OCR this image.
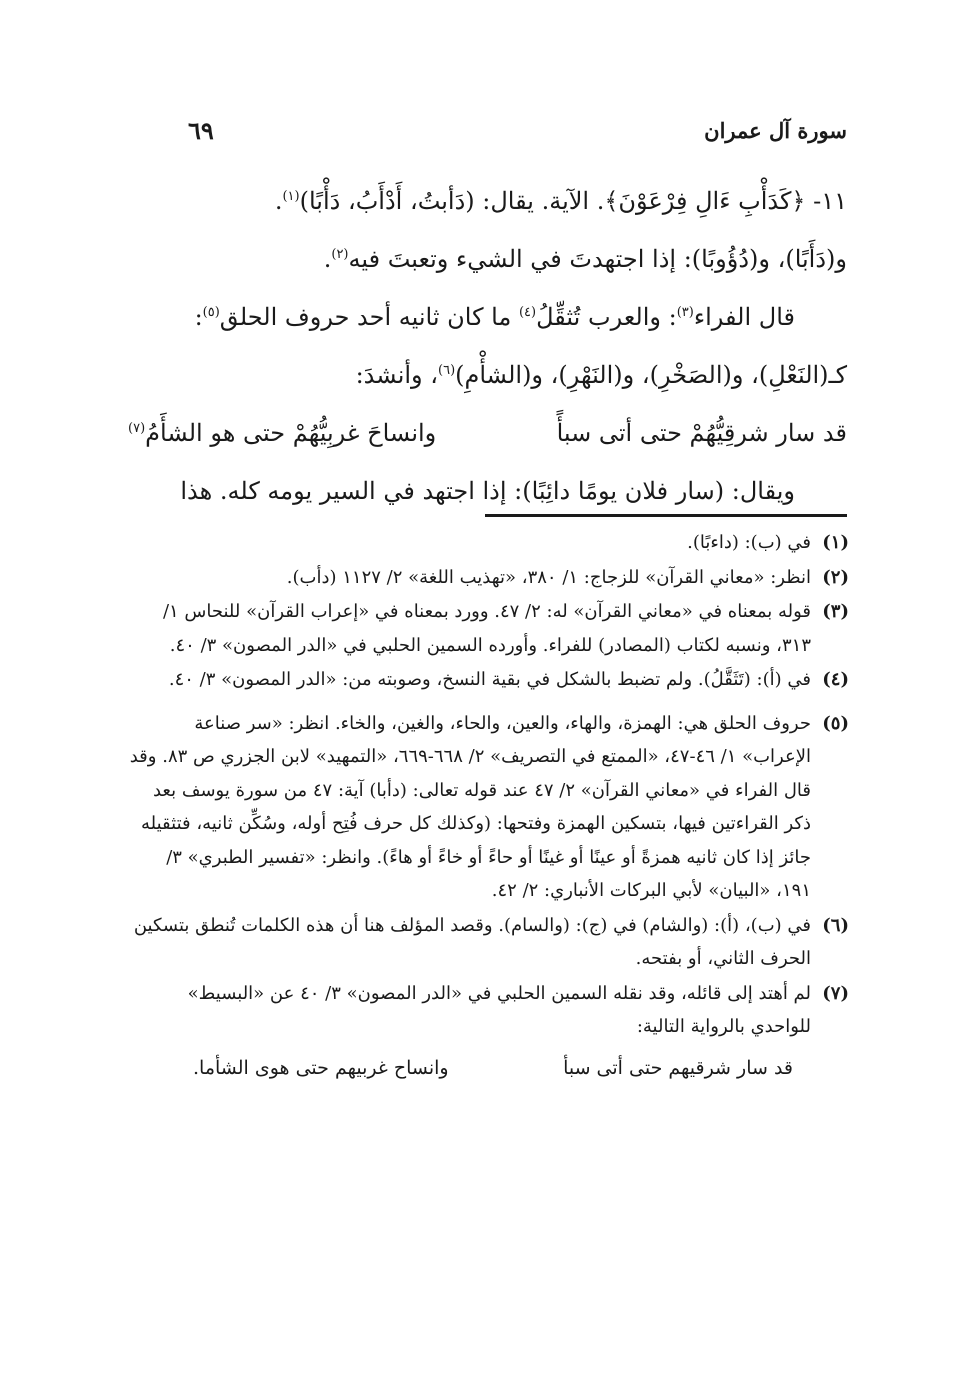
سورة آل عمران
٦٩

١١- ﴿كَدَأْبِ ءَالِ فِرْعَوْنَ﴾. الآية. يقال: (دَأبتُ، أَدْأَبُ، دَأْبًا)$^{(١)}$.

و(دَأَبًا)، و(دُؤُوبًا): إذا اجتهدتَ في الشيء وتعبتَ فيه$^{(٢)}$.

قال الفراء$^{(٣)}$: والعرب تُثقِّلُ$^{(٤)}$ ما كان ثانيه أحد حروف الحلق$^{(٥)}$:

كـ(النَعْلِ)، و(الصَخْرِ)، و(النَهْرِ)، و(الشأْمِ)$^{(٦)}$، وأنشدَ:

قد سار شرقِيُّهُمْ حتى أتى سبأً
وانساحَ غربِيُّهُمْ حتى هو الشأَمُ$^{(٧)}$

ويقال: (سار فلان يومًا دائِبًا): إذا اجتهد في السير يومه كله. هذا

(١)
في (ب): (داءبًا).
(٢)
انظر: «معاني القرآن» للزجاج: ١/ ٣٨٠، «تهذيب اللغة» ٢/ ١١٢٧ (دأب).
(٣)
قوله بمعناه في «معاني القرآن» له: ٢/ ٤٧. وورد بمعناه في «إعراب القرآن» للنحاس ١/ ٣١٣، ونسبه لكتاب (المصادر) للفراء. وأورده السمين الحلبي في «الدر المصون» ٣/ ٤٠.
(٤)
في (أ): (تَثَقَّلُ). ولم تضبط بالشكل في بقية النسخ، وصوبته من: «الدر المصون» ٣/ ٤٠.
(٥)
حروف الحلق هي: الهمزة، والهاء، والعين، والحاء، والغين، والخاء. انظر: «سر صناعة الإعراب» ١/ ٤٦-٤٧، «الممتع في التصريف» ٢/ ٦٦٨-٦٦٩، «التمهيد» لابن الجزري ص ٨٣. وقد قال الفراء في «معاني القرآن» ٢/ ٤٧ عند قوله تعالى: (دأبا) آية: ٤٧ من سورة يوسف بعد ذكر القراءتين فيها، بتسكين الهمزة وفتحها: (وكذلك كل حرف فُتِح أوله، وسُكِّن ثانيه، فتثقيله جائز إذا كان ثانيه همزةً أو عينًا أو غينًا أو حاءً أو خاءً أو هاءً). وانظر: «تفسير الطبري» ٣/ ١٩١، «البيان» لأبي البركات الأنباري: ٢/ ٤٢.
(٦)
في (ب)، (أ): (والشام) في (ج): (والسام). وقصد المؤلف هنا أن هذه الكلمات تُنطق بتسكين الحرف الثاني، أو بفتحه.
(٧)
لم أهتد إلى قائله، وقد نقله السمين الحلبي في «الدر المصون» ٣/ ٤٠ عن «البسيط» للواحدي بالرواية التالية:
قد سار شرقيهم حتى أتى سبأ
وانساح غربيهم حتى هوى الشأما.
